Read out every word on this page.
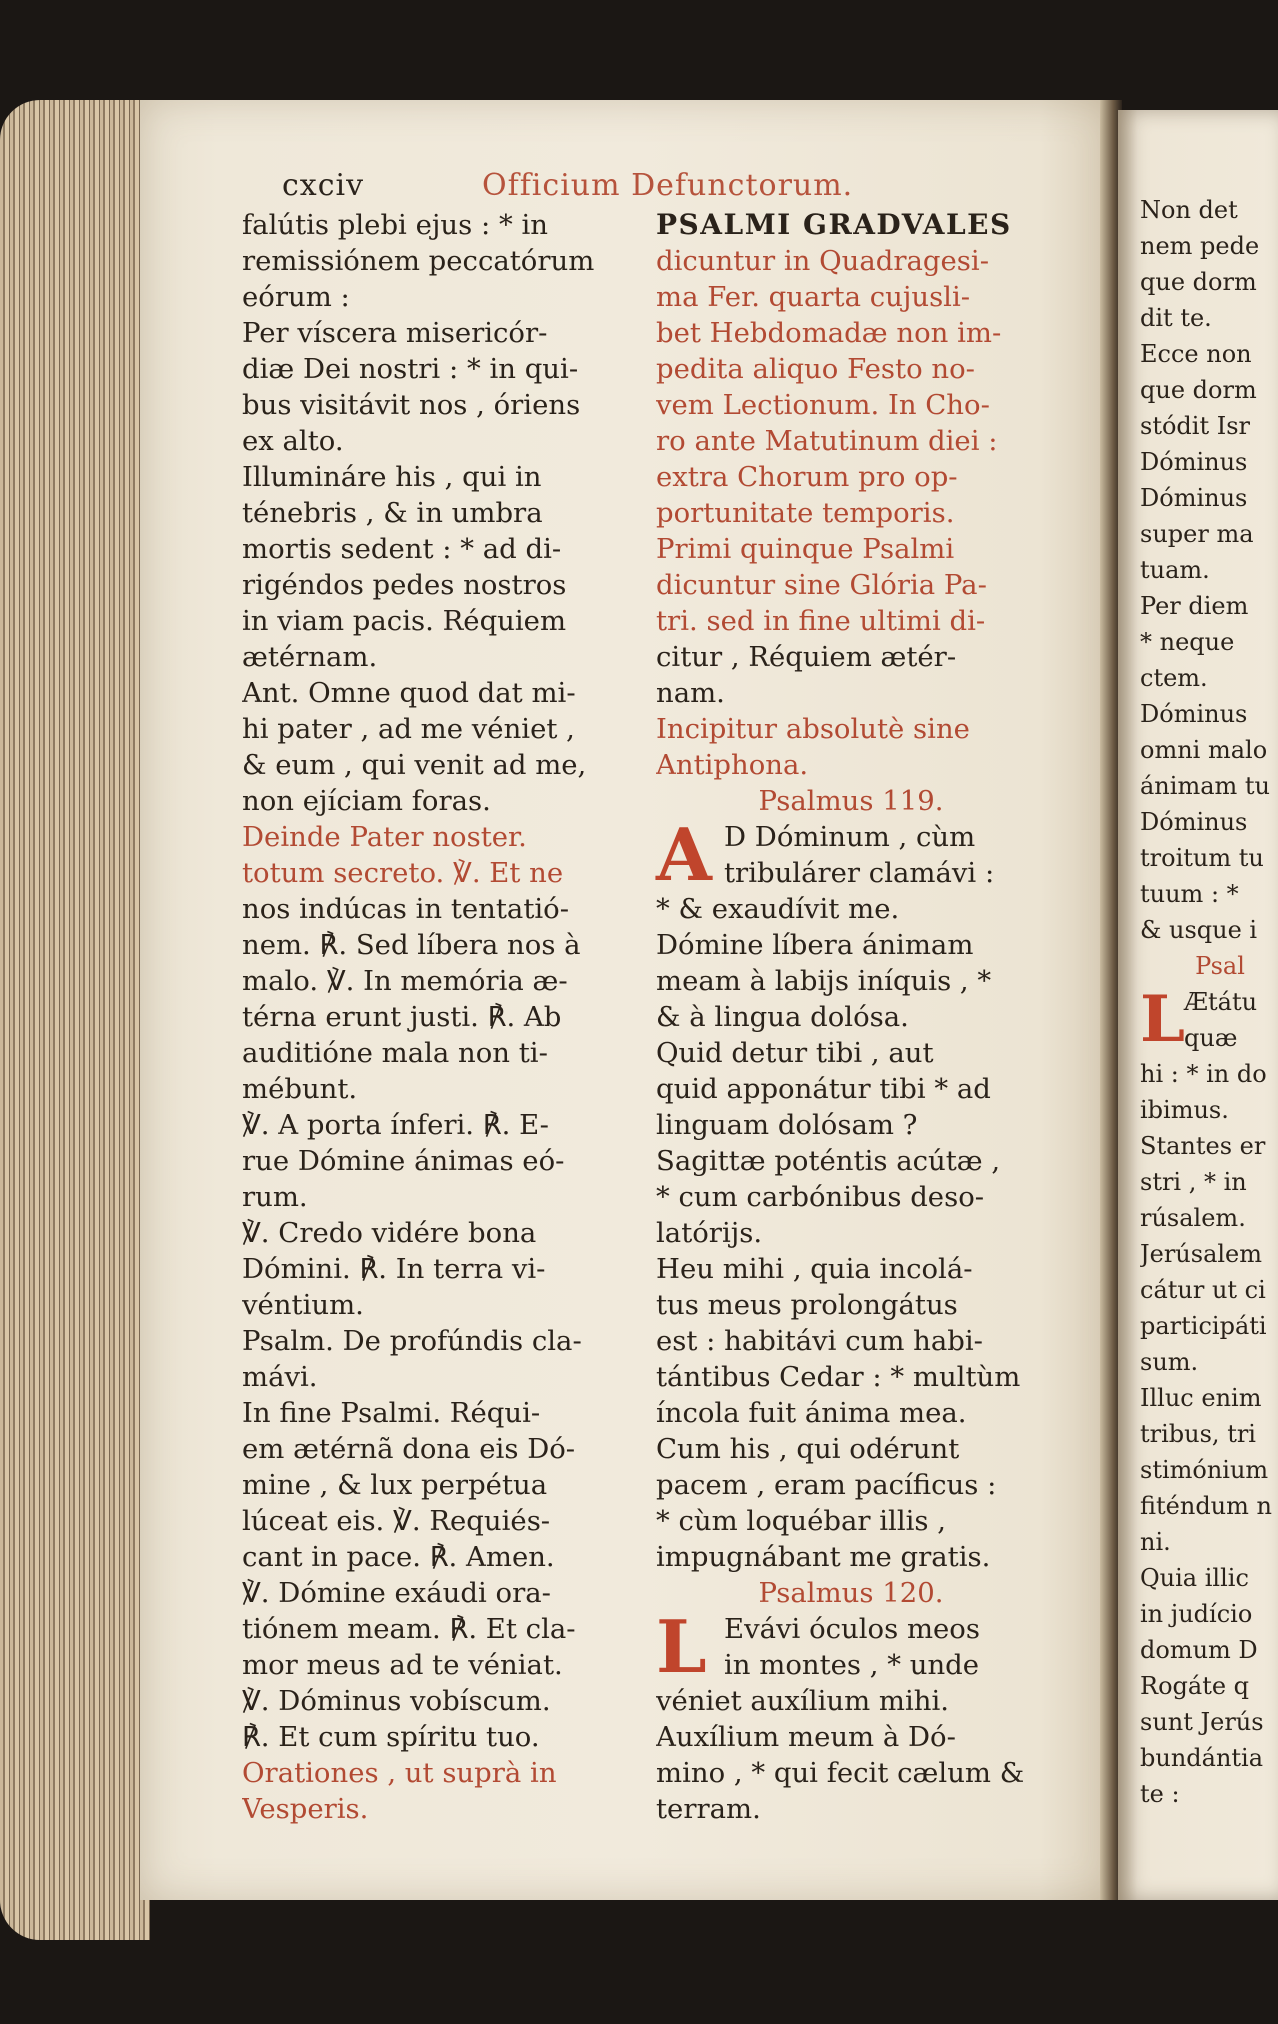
cxciv	Officium Defunctorum.
falútis plebi ejus : * in
remissiónem peccatórum
eórum :
Per víscera misericór-
diæ Dei nostri : * in qui-
bus visitávit nos , óriens
ex alto.
Illumináre his , qui in
ténebris , & in umbra
mortis sedent : * ad di-
rigéndos pedes nostros
in viam pacis. Réquiem
ætérnam.
Ant. Omne quod dat mi-
hi pater , ad me véniet ,
& eum , qui venit ad me,
non ejíciam foras.
Deinde Pater noster.
totum secreto. ℣. Et ne
nos indúcas in tentatió-
nem. ℟. Sed líbera nos à
malo. ℣. In memória æ-
térna erunt justi. ℟. Ab
auditióne mala non ti-
mébunt.
℣. A porta ínferi. ℟. E-
rue Dómine ánimas eó-
rum.
℣. Credo vidére bona
Dómini. ℟. In terra vi-
véntium.
Psalm. De profúndis cla-
mávi.
In fine Psalmi. Réqui-
em ætérnã dona eis Dó-
mine , & lux perpétua
lúceat eis. ℣. Requiés-
cant in pace. ℟. Amen.
℣. Dómine exáudi ora-
tiónem meam. ℟. Et cla-
mor meus ad te véniat.
℣. Dóminus vobíscum.
℟. Et cum spíritu tuo.
Orationes , ut suprà in
Vesperis.
PSALMI GRADVALES
dicuntur in Quadragesi-
ma Fer. quarta cujusli-
bet Hebdomadæ non im-
pedita aliquo Festo no-
vem Lectionum. In Cho-
ro ante Matutinum diei :
extra Chorum pro op-
portunitate temporis.
Primi quinque Psalmi
dicuntur sine Glória Pa-
tri. sed in fine ultimi di-
citur , Réquiem ætér-
nam.
Incipitur absolutè sine
Antiphona.
Psalmus 119.
A D Dóminum , cùm
tribulárer clamávi :
* & exaudívit me.
Dómine líbera ánimam
meam à labijs iníquis , *
& à lingua dolósa.
Quid detur tibi , aut
quid apponátur tibi * ad
linguam dolósam ?
Sagittæ poténtis acútæ ,
* cum carbónibus deso-
latórijs.
Heu mihi , quia incolá-
tus meus prolongátus
est : habitávi cum habi-
tántibus Cedar : * multùm
íncola fuit ánima mea.
Cum his , qui odérunt
pacem , eram pacíficus :
* cùm loquébar illis ,
impugnábant me gratis.
Psalmus 120.
L Evávi óculos meos
in montes , * unde
véniet auxílium mihi.
Auxílium meum à Dó-
mino , * qui fecit cælum &
terram.
Non det
nem pede
que dorm
dit te.
Ecce non
que dorm
stódit Isr
Dóminus
Dóminus
super ma
tuam.
Per diem
* neque
ctem.
Dóminus
omni malo
ánimam tu
Dóminus
troitum tu
tuum : *
& usque i
Psal
L Ætátu
quæ
hi : * in do
ibimus.
Stantes er
stri , * in
rúsalem.
Jerúsalem
cátur ut ci
participáti
sum.
Illuc enim
tribus, tri
stimónium
fiténdum n
ni.
Quia illic
in judício
domum D
Rogáte q
sunt Jerús
bundántia
te :
